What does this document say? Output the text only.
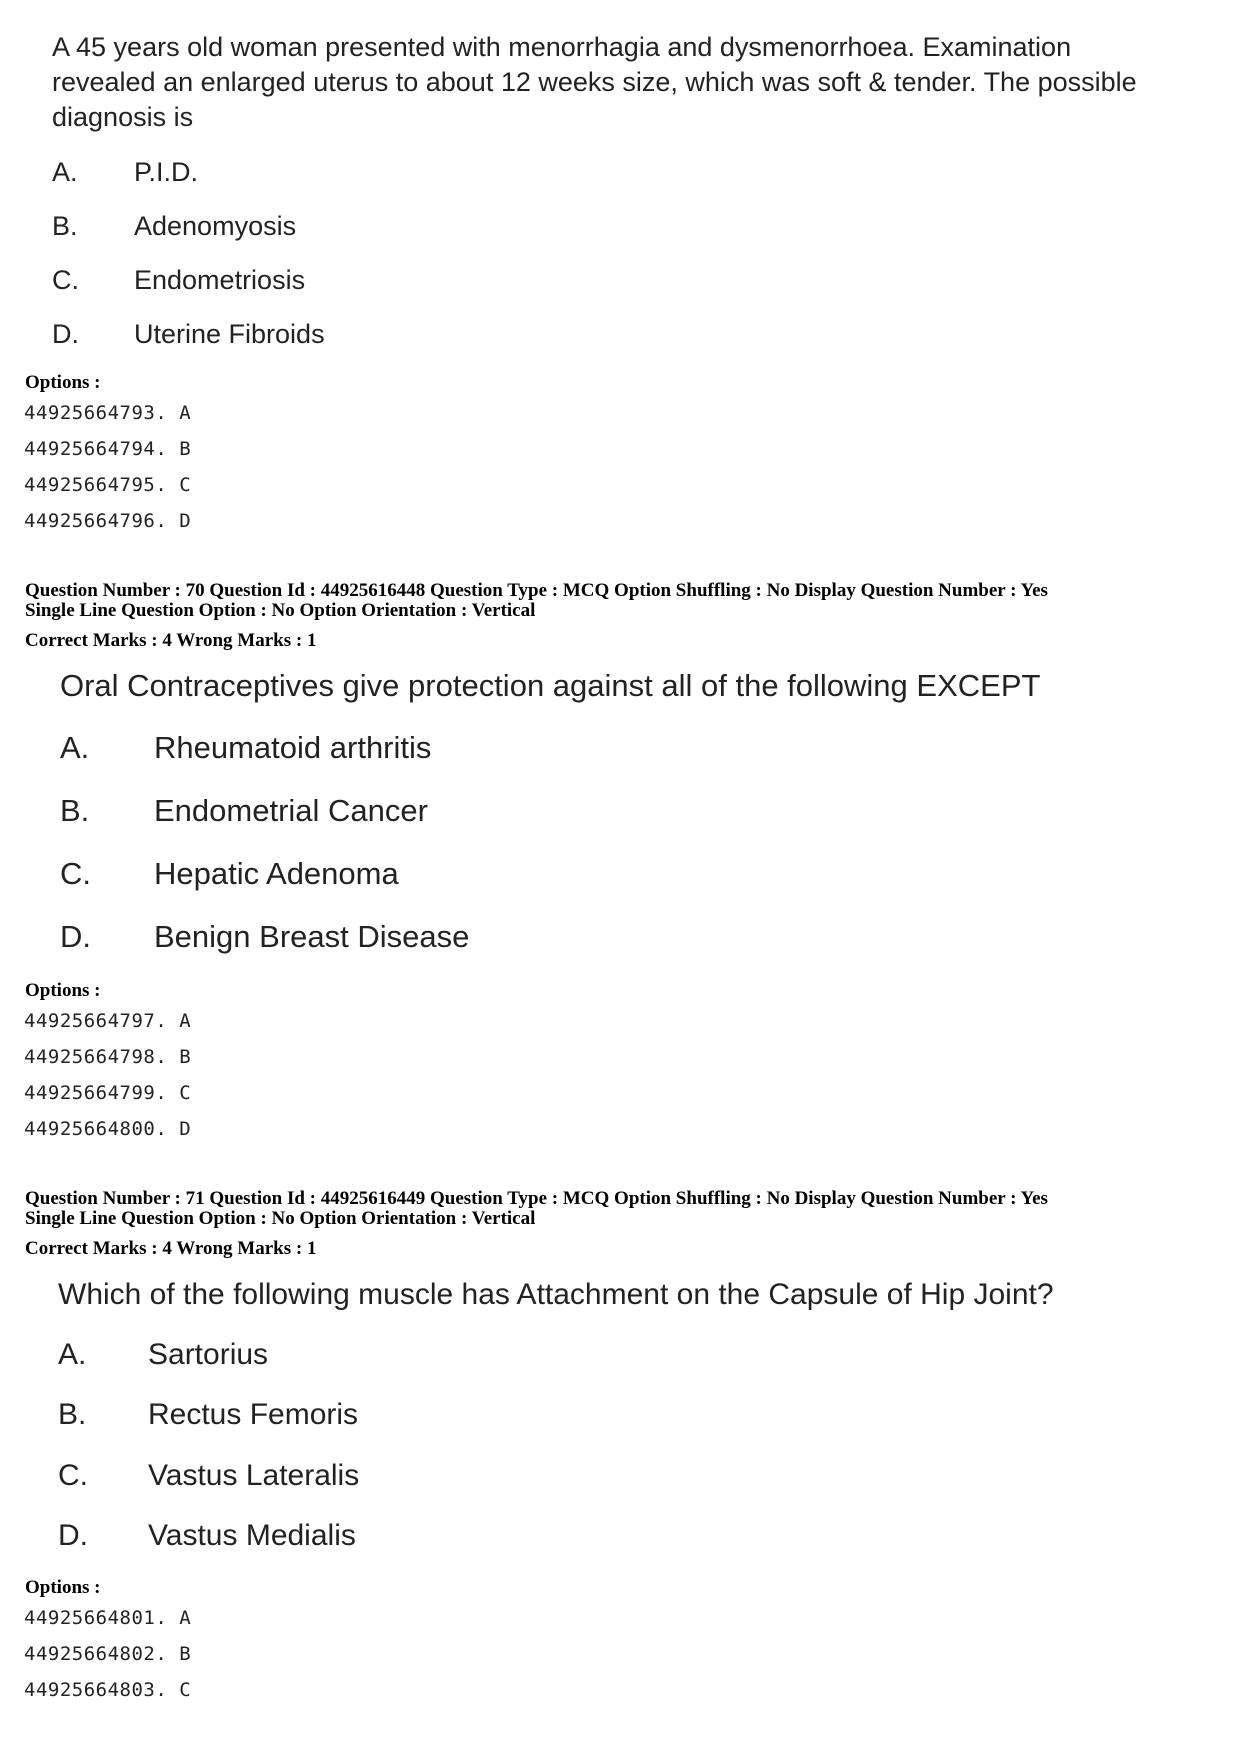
A 45 years old woman presented with menorrhagia and dysmenorrhoea. Examination revealed an enlarged uterus to about 12 weeks size, which was soft & tender. The possible diagnosis is

A. P.I.D.
B. Adenomyosis
C. Endometriosis
D. Uterine Fibroids
Options :
44925664793. A
44925664794. B
44925664795. C
44925664796. D
Question Number : 70 Question Id : 44925616448 Question Type : MCQ Option Shuffling : No Display Question Number : Yes
Single Line Question Option : No Option Orientation : Vertical
Correct Marks : 4 Wrong Marks : 1
Oral Contraceptives give protection against all of the following EXCEPT
A. Rheumatoid arthritis
B. Endometrial Cancer
C. Hepatic Adenoma
D. Benign Breast Disease
Options :
44925664797. A
44925664798. B
44925664799. C
44925664800. D
Question Number : 71 Question Id : 44925616449 Question Type : MCQ Option Shuffling : No Display Question Number : Yes
Single Line Question Option : No Option Orientation : Vertical
Correct Marks : 4 Wrong Marks : 1
Which of the following muscle has Attachment on the Capsule of Hip Joint?
A. Sartorius
B. Rectus Femoris
C. Vastus Lateralis
D. Vastus Medialis
Options :
44925664801. A
44925664802. B
44925664803. C
